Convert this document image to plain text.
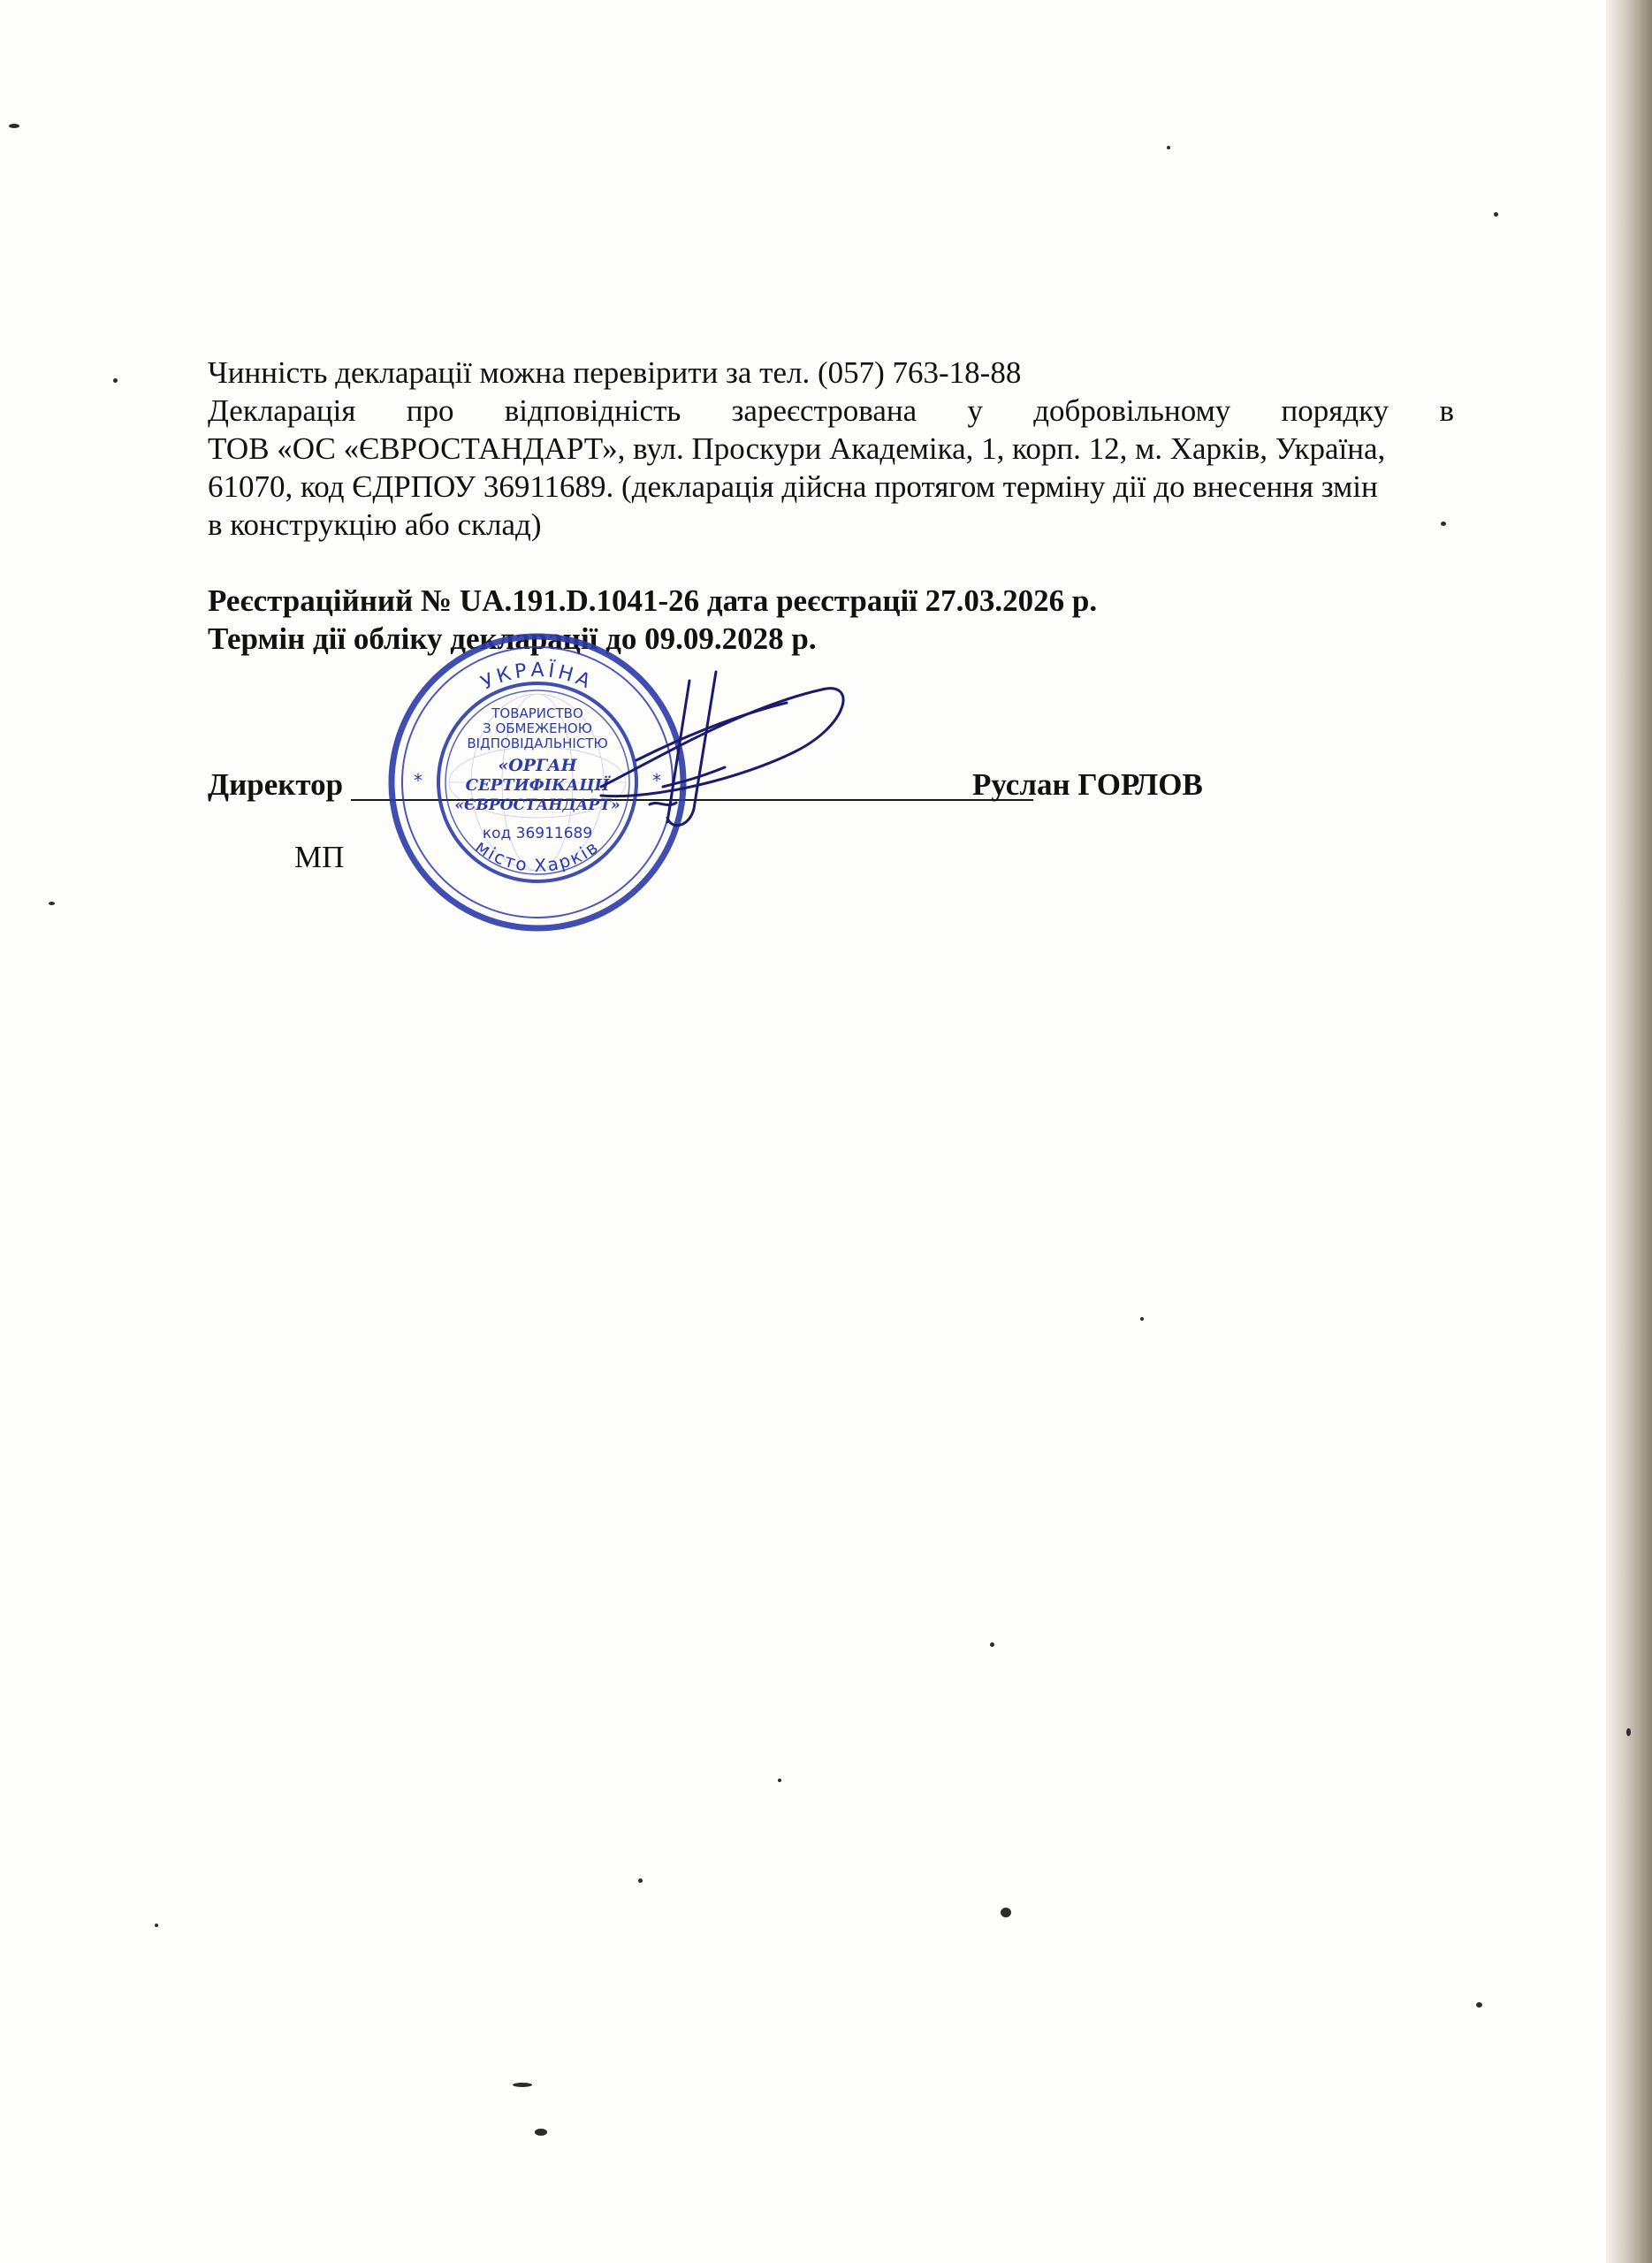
Чинність декларації можна перевірити за тел. (057) 763-18-88
Декларація про відповідність зареєстрована у добровільному порядку в
ТОВ «ОС «ЄВРОСТАНДАРТ», вул. Проскури Академіка, 1, корп. 12, м. Харків, Україна,
61070, код ЄДРПОУ 36911689. (декларація дійсна протягом терміну дії до внесення змін
в конструкцію або склад)
Реєстраційний № UA.191.D.1041-26 дата реєстрації 27.03.2026 р.
Термін дії обліку декларації до 09.09.2028 р.
Директор	Руслан ГОРЛОВ
МП
УКРАЇНА
місто Харків
*	*
ТОВАРИСТВО
З ОБМЕЖЕНОЮ
ВІДПОВІДАЛЬНІСТЮ
«ОРГАН
СЕРТИФІКАЦІЇ
«ЄВРОСТАНДАРТ»
код 36911689
